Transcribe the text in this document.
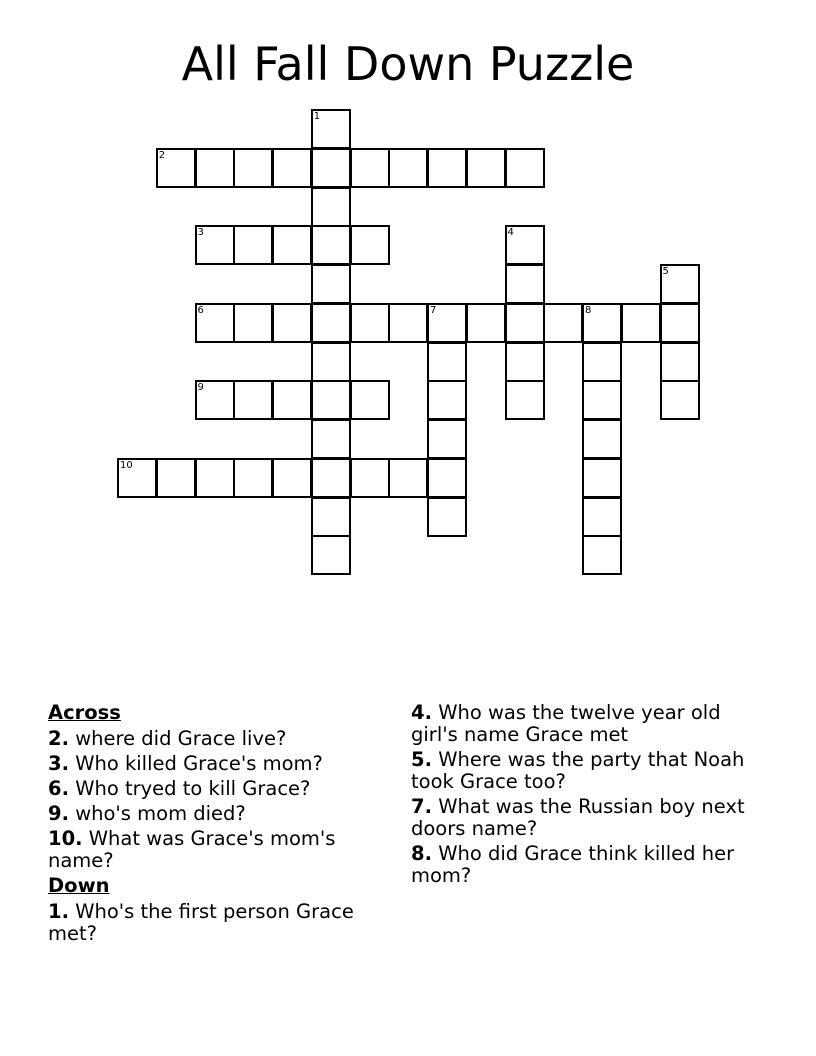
All Fall Down Puzzle
1
2
3	4
5
6	7	8
9
10
Across
2. where did Grace live?
3. Who killed Grace's mom?
6. Who tryed to kill Grace?
9. who's mom died?
10. What was Grace's mom's name?
Down
1. Who's the first person Grace met?
4. Who was the twelve year old girl's name Grace met
5. Where was the party that Noah took Grace too?
7. What was the Russian boy next doors name?
8. Who did Grace think killed her mom?
